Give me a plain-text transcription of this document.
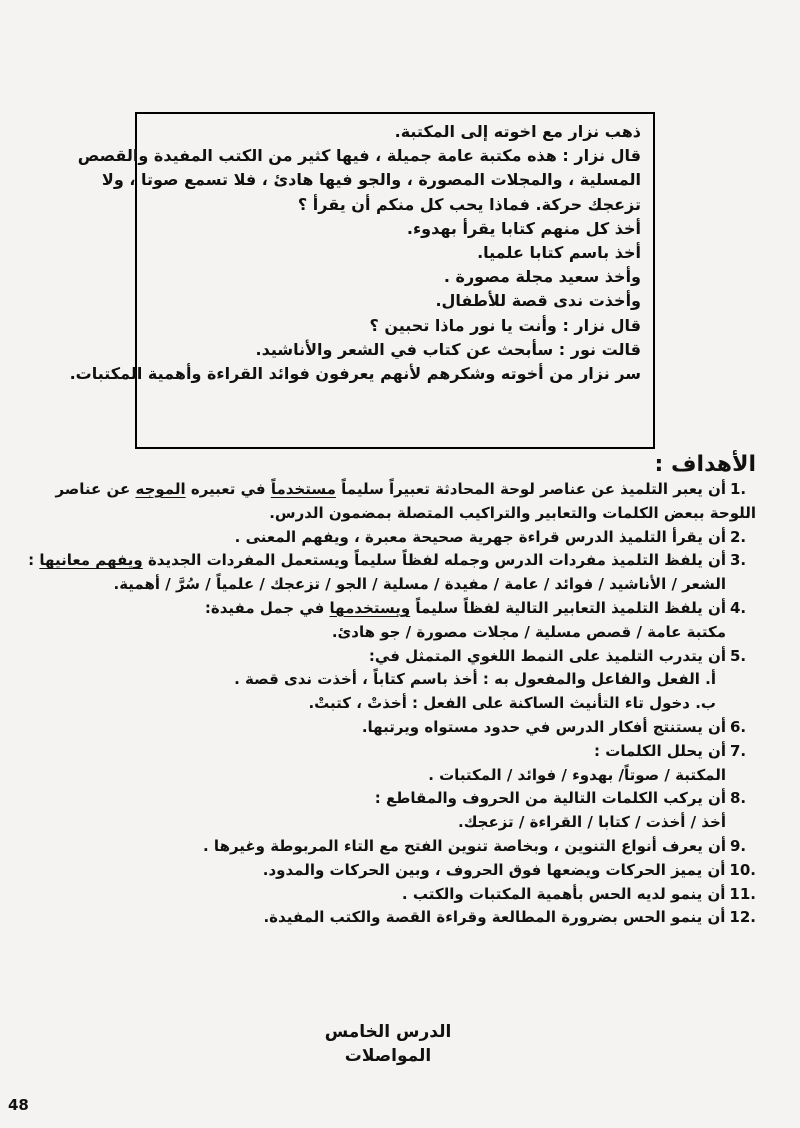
ذهب نزار مع اخوته إلى المكتبة.

قال نزار : هذه مكتبة عامة جميلة ، فيها كثير من الكتب المفيدة والقصص

المسلية ، والمجلات المصورة ، والجو فيها هادئ ، فلا تسمع صوتا ، ولا

تزعجك حركة. فماذا يحب كل منكم أن يقرأ ؟

أخذ كل منهم كتابا يقرأ بهدوء.

أخذ باسم كتابا علميا.

وأخذ سعيد مجلة مصورة .

وأخذت ندى قصة للأطفال.

قال نزار : وأنت يا نور ماذا تحبين ؟

قالت نور : سأبحث عن كتاب في الشعر والأناشيد.

سر نزار من أخوته وشكرهم لأنهم يعرفون فوائد القراءة وأهمية المكتبات.

الأهداف :

1.أن يعبر التلميذ عن عناصر لوحة المحادثة تعبيراً سليماً مستخدماً في تعبيره الموجه عن عناصر

اللوحة ببعض الكلمات والتعابير والتراكيب المتصلة بمضمون الدرس.

2.أن يقرأ التلميذ الدرس قراءة جهرية صحيحة معبرة ، ويفهم المعنى .

3.أن يلفظ التلميذ مفردات الدرس وجمله لفظاً سليماً ويستعمل المفردات الجديدة ويفهم معانيها :

الشعر / الأناشيد / فوائد / عامة / مفيدة / مسلية / الجو / تزعجك / علمياً / سُرَّ / أهمية.

4.أن يلفظ التلميذ التعابير التالية لفظاً سليماً ويستخدمها في جمل مفيدة:

مكتبة عامة / قصص مسلية / مجلات مصورة / جو هادئ.

5.أن يتدرب التلميذ على النمط اللغوي المتمثل في:

أ. الفعل والفاعل والمفعول به : أخذ باسم كتاباً ، أخذت ندى قصة .

ب. دخول تاء التأنيث الساكنة على الفعل : أخذتْ ، كتبتْ.

6.أن يستنتج أفكار الدرس في حدود مستواه ويرتبها.

7.أن يحلل الكلمات :

المكتبة / صوتاً/ بهدوء / فوائد / المكتبات .

8.أن يركب الكلمات التالية من الحروف والمقاطع :

أخذ / أخذت / كتابا / القراءة / تزعجك.

9.أن يعرف أنواع التنوين ، وبخاصة تنوين الفتح مع التاء المربوطة وغيرها .

10.أن يميز الحركات ويضعها فوق الحروف ، وبين الحركات والمدود.

11.أن ينمو لديه الحس بأهمية المكتبات والكتب .

12.أن ينمو الحس بضرورة المطالعة وقراءة القصة والكتب المفيدة.

الدرس الخامس
المواصلات
48
